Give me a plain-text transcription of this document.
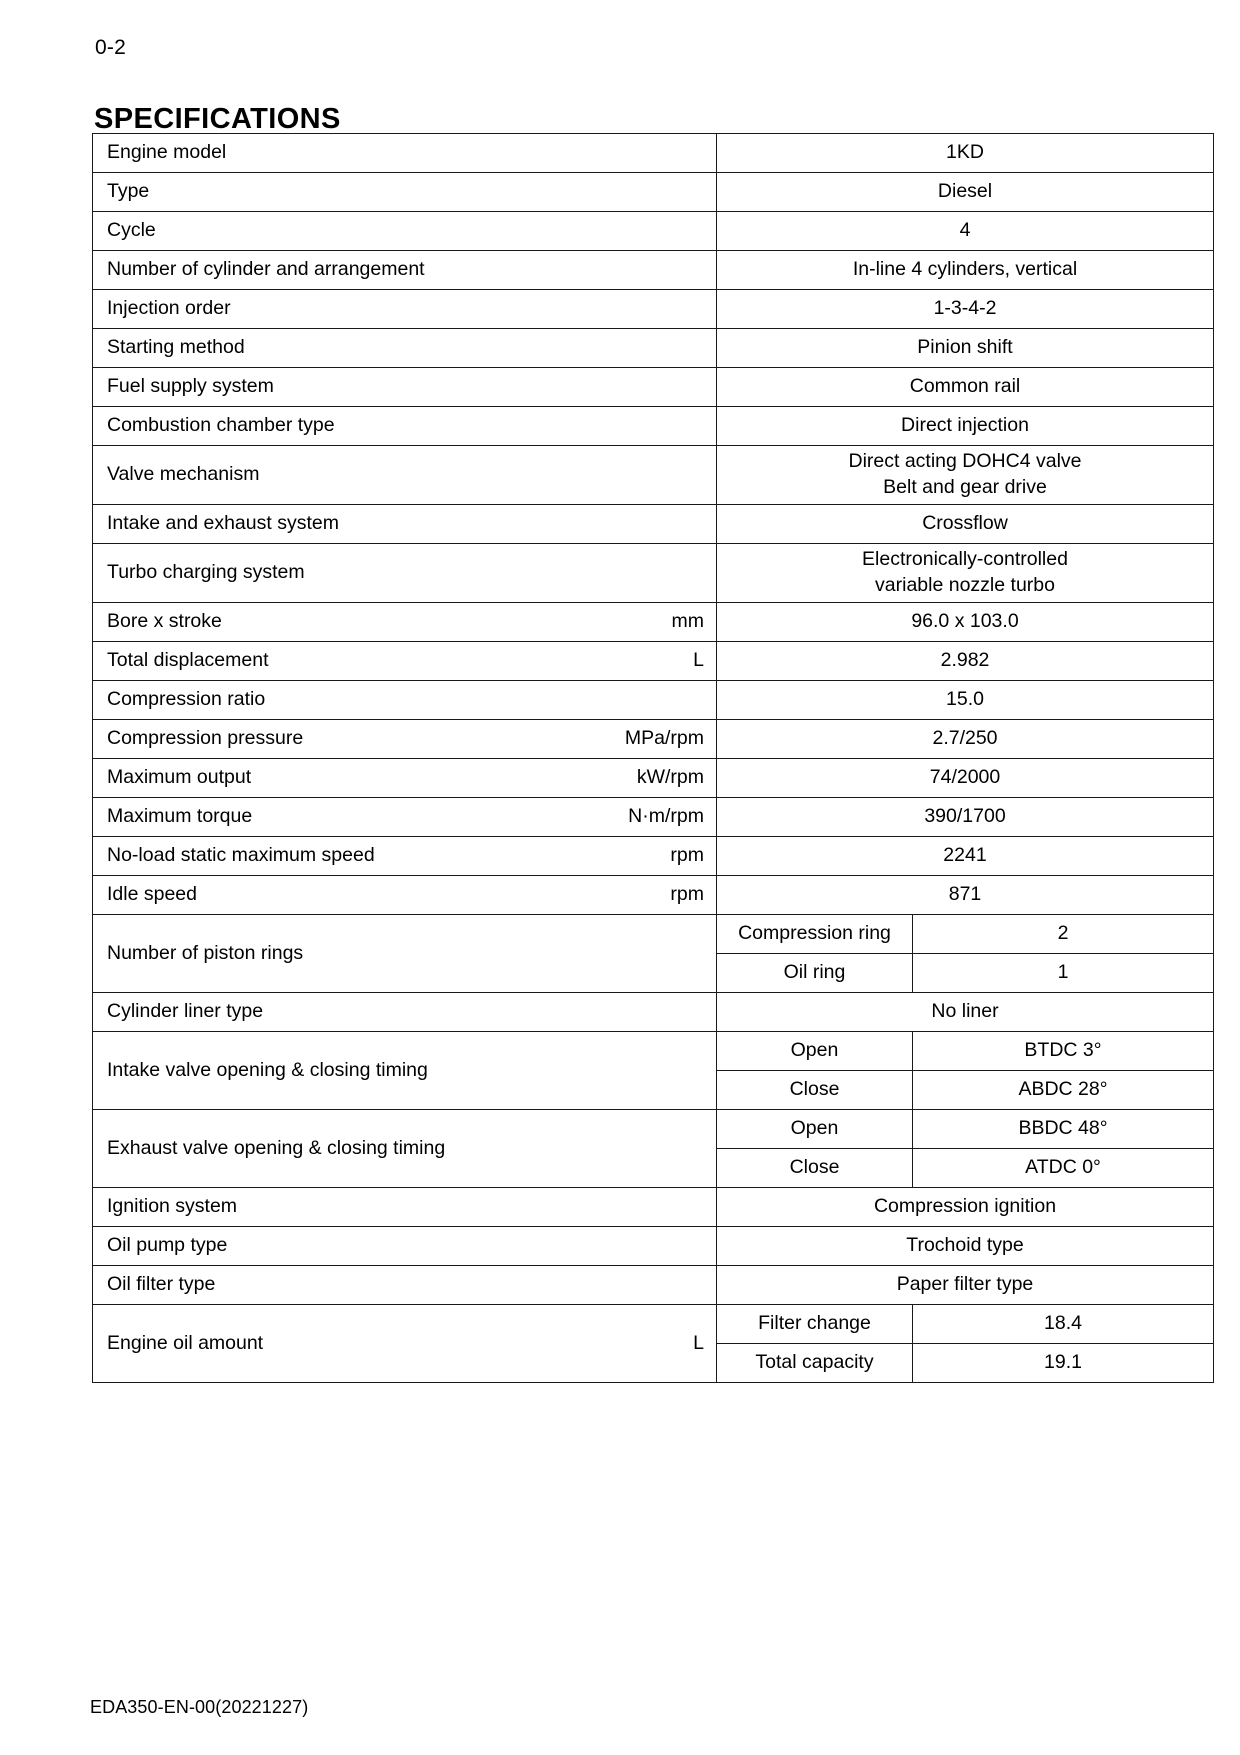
0-2
SPECIFICATIONS
Engine model		1KD	
Type		Diesel	
Cycle		4	
Number of cylinder and arrangement		In-line 4 cylinders, vertical	
Injection order		1-3-4-2	
Starting method		Pinion shift	
Fuel supply system		Common rail	
Combustion chamber type		Direct injection	
Valve mechanism		Direct acting DOHC4 valve
Belt and gear drive	
Intake and exhaust system		Crossflow	
Turbo charging system		Electronically-controlled
variable nozzle turbo	
Bore x stroke	mm	96.0 x 103.0	
Total displacement	L	2.982	
Compression ratio		15.0	
Compression pressure	MPa/rpm	2.7/250	
Maximum output	kW/rpm	74/2000	
Maximum torque	N·m/rpm	390/1700	
No-load static maximum speed	rpm	2241	
Idle speed	rpm	871	
Number of piston rings		Compression ring	2
		Oil ring	1
Cylinder liner type		No liner	
Intake valve opening & closing timing		Open	BTDC 3°
		Close	ABDC 28°
Exhaust valve opening & closing timing		Open	BBDC 48°
		Close	ATDC 0°
Ignition system		Compression ignition	
Oil pump type		Trochoid type	
Oil filter type		Paper filter type	
Engine oil amount	L	Filter change	18.4
		Total capacity	19.1
EDA350-EN-00(20221227)
